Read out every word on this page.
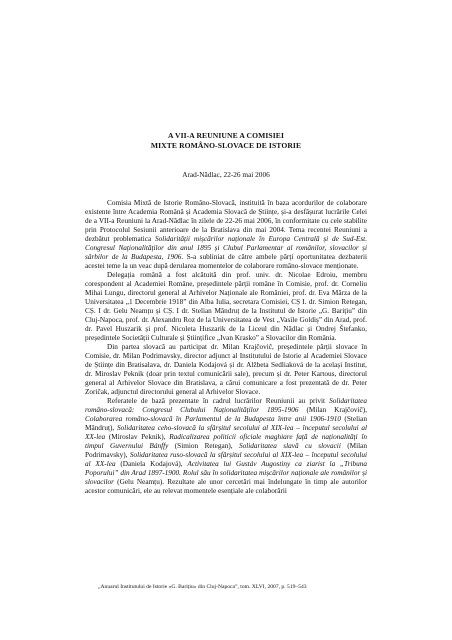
A VII-A REUNIUNE A COMISIEI
MIXTE ROMÂNO-SLOVACE DE ISTORIE
Arad-Nădlac, 22-26 mai 2006

Comisia Mixtă de Istorie Româno-Slovacă, instituită în baza acordurilor de colaborare existente între Academia Română și Academia Slovacă de Științe, și-a desfășurat lucrările Celei de a VII-a Reuniuni la Arad-Nădlac în zilele de 22-26 mai 2006, în conformitate cu cele stabilite prin Protocolul Sesiunii anterioare de la Bratislava din mai 2004. Tema recentei Reuniuni a dezbătut problematica Solidarității mișcărilor naționale în Europa Centrală și de Sud-Est. Congresul Naționalităților din anul 1895 și Clubul Parlamentar al românilor, slovacilor și sârbilor de la Budapesta, 1906. S-a subliniat de către ambele părți oportunitatea dezbaterii acestei teme la un veac după derularea momentelor de colaborare româno-slovace menționate.

Delegația română a fost alcătuită din prof. univ. dr. Nicolae Edroiu, membru corespondent al Academiei Române, președintele părții române în Comisie, prof. dr. Corneliu Mihai Lungu, directorul general al Arhivelor Naționale ale României, prof. dr. Eva Mârza de la Universitatea „1 Decembrie 1918” din Alba Iulia, secretara Comisiei, CȘ I. dr. Simion Retegan, CȘ. I dr. Gelu Neamțu și CȘ. I dr. Stelian Mândruț de la Institutul de Istorie „G. Barițiu” din Cluj-Napoca, prof. dr. Alexandru Roz de la Universitatea de Vest „Vasile Goldiș” din Arad, prof. dr. Pavel Huszarik și prof. Nicoleta Huszarik de la Liceul din Nădlac și Ondrej Štefanko, președintele Societății Culturale și Științifice „Ivan Krasko” a Slovacilor din România.

Din partea slovacă au participat dr. Milan Krajčovič, președintele părții slovace în Comisie, dr. Milan Podrimavsky, director adjunct al Institutului de Istorie al Academiei Slovace de Științe din Bratisalava, dr. Daniela Kodajová și dr. Alžbeta Sedliaková de la același Institut, dr. Miroslav Peknik (doar prin textul comunicării sale), precum și dr. Peter Kartous, directorul general al Arhivelor Slovace din Bratislava, a cărui comunicare a fost prezentată de dr. Peter Zoričak, adjunctul directorului general al Arhivelor Slovace.

Referatele de bază prezentate în cadrul lucrărilor Reuniunii au privit Solidaritatea româno-slovacă: Congresul Clubului Naționalităților 1895-1906 (Milan Krajčovič), Colaborarea româno-slovacă în Parlamentul de la Budapesta între anii 1906-1910 (Stelian Mândruț), Solidaritatea ceho-slovacă la sfârșitul secolului al XIX-lea – începutul secolului al XX-lea (Miroslav Peknik), Radicalizarea politicii oficiale maghiare față de naționalități în timpul Guvernului Bánffy (Simion Retegan), Solidaritatea slavă cu slovacii (Milan Podrimavsky), Solidaritatea ruso-slovacă la sfârșitul secolului al XIX-lea – începutul secolului al XX-lea (Daniela Kodajová), Activitatea lui Gustáv Augostiny ca ziarist la „Tribuna Poporului” din Arad 1897-1900. Rolul său în solidaritatea mișcărilor naționale ale românilor și slovacilor (Gelu Neamțu). Rezultate ale unor cercetări mai îndelungate în timp ale autorilor acestor comunicări, ele au relevat momentele esențiale ale colaborării

„Anuarul Institutului de Istorie «G. Barițiu» din Cluj-Napoca”, tom. XLVI, 2007, p. 519–543
